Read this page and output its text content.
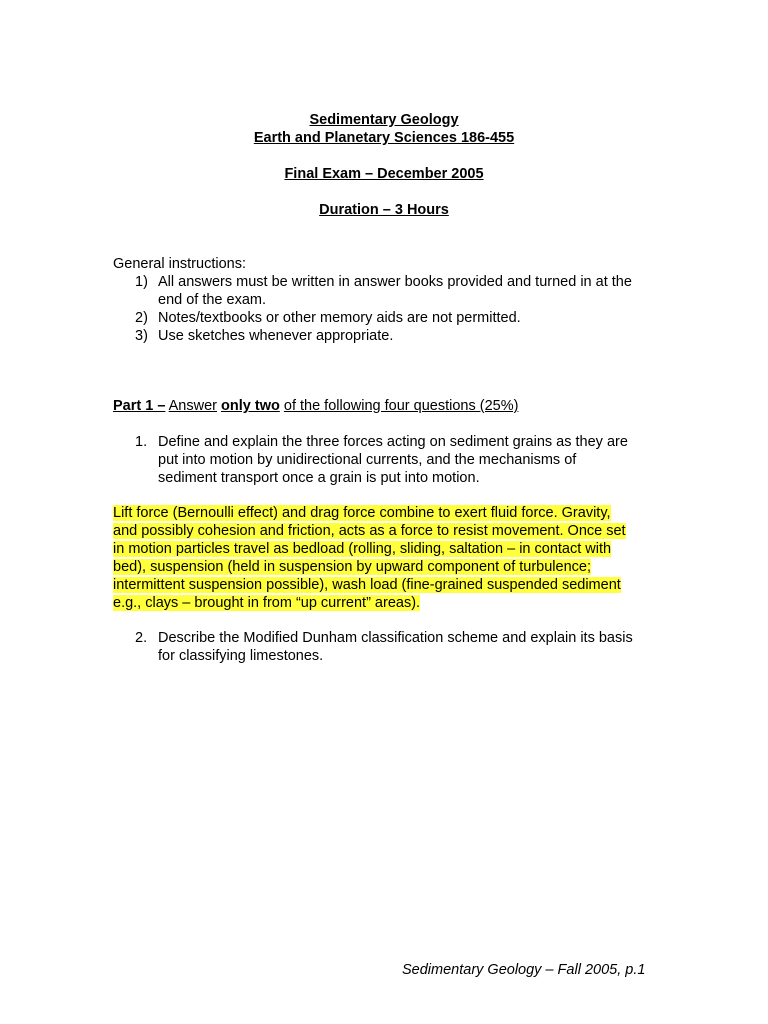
Sedimentary Geology
Earth and Planetary Sciences 186-455
Final Exam – December 2005
Duration – 3 Hours
General instructions:
1) All answers must be written in answer books provided and turned in at the
end of the exam.
2) Notes/textbooks or other memory aids are not permitted.
3) Use sketches whenever appropriate.
Part 1 – Answer only two of the following four questions (25%)
1. Define and explain the three forces acting on sediment grains as they are
put into motion by unidirectional currents, and the mechanisms of
sediment transport once a grain is put into motion.
Lift force (Bernoulli effect) and drag force combine to exert fluid force. Gravity,
and possibly cohesion and friction, acts as a force to resist movement. Once set
in motion particles travel as bedload (rolling, sliding, saltation – in contact with
bed), suspension (held in suspension by upward component of turbulence;
intermittent suspension possible), wash load (fine-grained suspended sediment
e.g., clays – brought in from “up current” areas).
2. Describe the Modified Dunham classification scheme and explain its basis
for classifying limestones.
Sedimentary Geology – Fall 2005, p.1
